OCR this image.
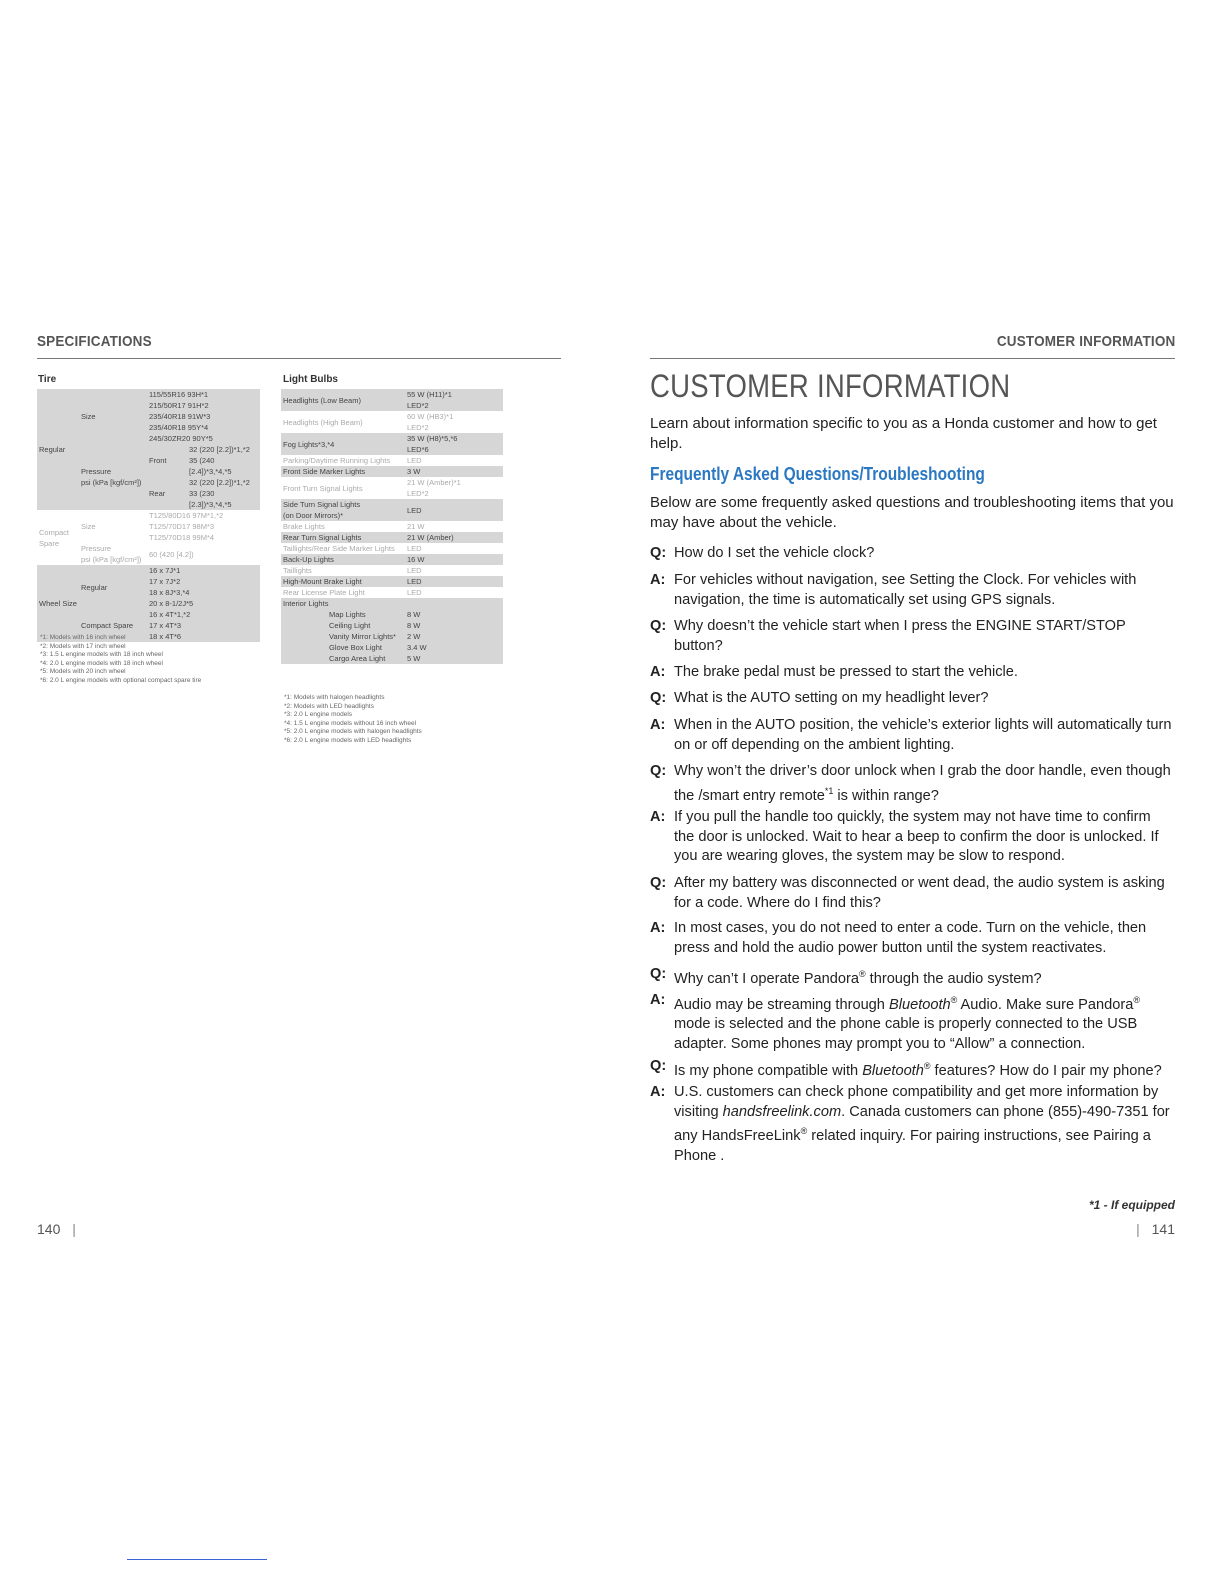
SPECIFICATIONS
Tire
Regular	Size	115/55R16 93H*1	
		215/50R17 91H*2	
		235/40R18 91W*3	
		235/40R18 95Y*4	
		245/30ZR20 90Y*5	
	Pressure
psi (kPa [kgf/cm²])	Front	32 (220 [2.2])*1,*2
			35 (240 [2.4])*3,*4,*5
		Rear	32 (220 [2.2])*1,*2
			33 (230 [2.3])*3,*4,*5
Compact Spare	Size	T125/80D16 97M*1,*2	
		T125/70D17 98M*3	
		T125/70D18 99M*4	
	Pressure
psi (kPa [kgf/cm²])	60 (420 [4.2])	

Wheel Size	Regular	16 x 7J*1	
		17 x 7J*2	
		18 x 8J*3,*4	
		20 x 8-1/2J*5	
	Compact Spare	16 x 4T*1,*2	
		17 x 4T*3	
		18 x 4T*6	
*1: Models with 16 inch wheel
*2: Models with 17 inch wheel
*3: 1.5 L engine models with 18 inch wheel
*4: 2.0 L engine models with 18 inch wheel
*5: Models with 20 inch wheel
*6: 2.0 L engine models with optional compact spare tire
Light Bulbs
Headlights (Low Beam)	55 W (H11)*1
LED*2
Headlights (High Beam)	60 W (HB3)*1
LED*2
Fog Lights*3,*4	35 W (H8)*5,*6
LED*6
Parking/Daytime Running Lights	LED
Front Side Marker Lights	3 W
Front Turn Signal Lights	21 W (Amber)*1
LED*2
Side Turn Signal Lights
(on Door Mirrors)*	LED
Brake Lights	21 W
Rear Turn Signal Lights	21 W (Amber)
Taillights/Rear Side Marker Lights	LED
Back-Up Lights	16 W
Taillights	LED
High-Mount Brake Light	LED
Rear License Plate Light	LED
Interior Lights	
Map Lights	8 W
Ceiling Light	8 W
Vanity Mirror Lights*	2 W
Glove Box Light	3.4 W
Cargo Area Light	5 W
*1: Models with halogen headlights
*2: Models with LED headlights
*3: 2.0 L engine models
*4: 1.5 L engine models without 16 inch wheel
*5: 2.0 L engine models with halogen headlights
*6: 2.0 L engine models with LED headlights
140 |
CUSTOMER INFORMATION
CUSTOMER INFORMATION
Learn about information specific to you as a Honda customer and how to get help.
Frequently Asked Questions/Troubleshooting
Below are some frequently asked questions and troubleshooting items that you may have about the vehicle.
Q: How do I set the vehicle clock?
A: For vehicles without navigation, see Setting the Clock. For vehicles with navigation, the time is automatically set using GPS signals.
Q: Why doesn’t the vehicle start when I press the ENGINE START/STOP button?
A: The brake pedal must be pressed to start the vehicle.
Q: What is the AUTO setting on my headlight lever?
A: When in the AUTO position, the vehicle’s exterior lights will automatically turn on or off depending on the ambient lighting.
Q: Why won’t the driver’s door unlock when I grab the door handle, even though the /smart entry remote$^{*1}$ is within range?
A: If you pull the handle too quickly, the system may not have time to confirm the door is unlocked. Wait to hear a beep to confirm the door is unlocked. If you are wearing gloves, the system may be slow to respond.
Q: After my battery was disconnected or went dead, the audio system is asking for a code. Where do I find this?
A: In most cases, you do not need to enter a code. Turn on the vehicle, then press and hold the audio power button until the system reactivates.
Q: Why can’t I operate Pandora® through the audio system?
A: Audio may be streaming through Bluetooth® Audio. Make sure Pandora® mode is selected and the phone cable is properly connected to the USB adapter. Some phones may prompt you to “Allow” a connection.
Q: Is my phone compatible with Bluetooth® features? How do I pair my phone?
A: U.S. customers can check phone compatibility and get more information by visiting handsfreelink.com. Canada customers can phone (855)-490-7351 for any HandsFreeLink® related inquiry. For pairing instructions, see Pairing a Phone .
*1 - If equipped
| 141
